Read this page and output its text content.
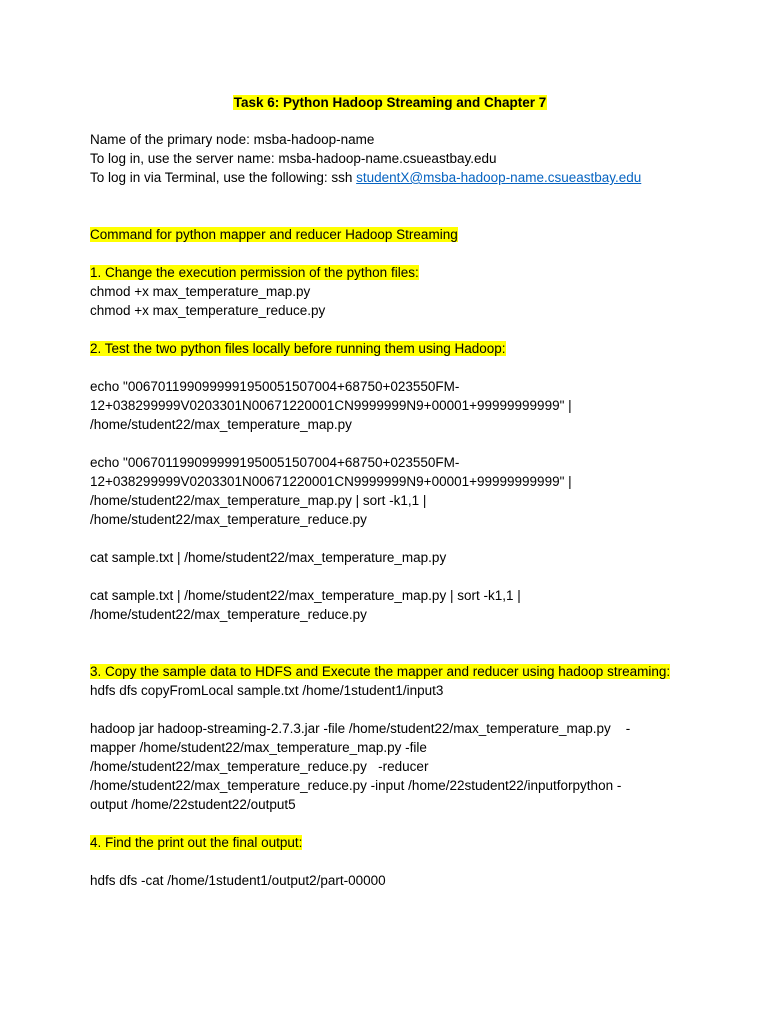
Task 6: Python Hadoop Streaming and Chapter 7
Name of the primary node: msba-hadoop-name
To log in, use the server name: msba-hadoop-name.csueastbay.edu
To log in via Terminal, use the following: ssh studentX@msba-hadoop-name.csueastbay.edu
Command for python mapper and reducer Hadoop Streaming
1. Change the execution permission of the python files:
chmod +x max_temperature_map.py
chmod +x max_temperature_reduce.py
2. Test the two python files locally before running them using Hadoop:
echo "0067011990999991950051507004+68750+023550FM-
12+038299999V0203301N00671220001CN9999999N9+00001+99999999999" |
/home/student22/max_temperature_map.py
echo "0067011990999991950051507004+68750+023550FM-
12+038299999V0203301N00671220001CN9999999N9+00001+99999999999" |
/home/student22/max_temperature_map.py | sort -k1,1 |
/home/student22/max_temperature_reduce.py
cat sample.txt | /home/student22/max_temperature_map.py
cat sample.txt | /home/student22/max_temperature_map.py | sort -k1,1 |
/home/student22/max_temperature_reduce.py
3. Copy the sample data to HDFS and Execute the mapper and reducer using hadoop streaming:
hdfs dfs copyFromLocal sample.txt /home/1student1/input3
hadoop jar hadoop-streaming-2.7.3.jar -file /home/student22/max_temperature_map.py    -
mapper /home/student22/max_temperature_map.py -file
/home/student22/max_temperature_reduce.py   -reducer
/home/student22/max_temperature_reduce.py -input /home/22student22/inputforpython -
output /home/22student22/output5
4. Find the print out the final output:
hdfs dfs -cat /home/1student1/output2/part-00000
